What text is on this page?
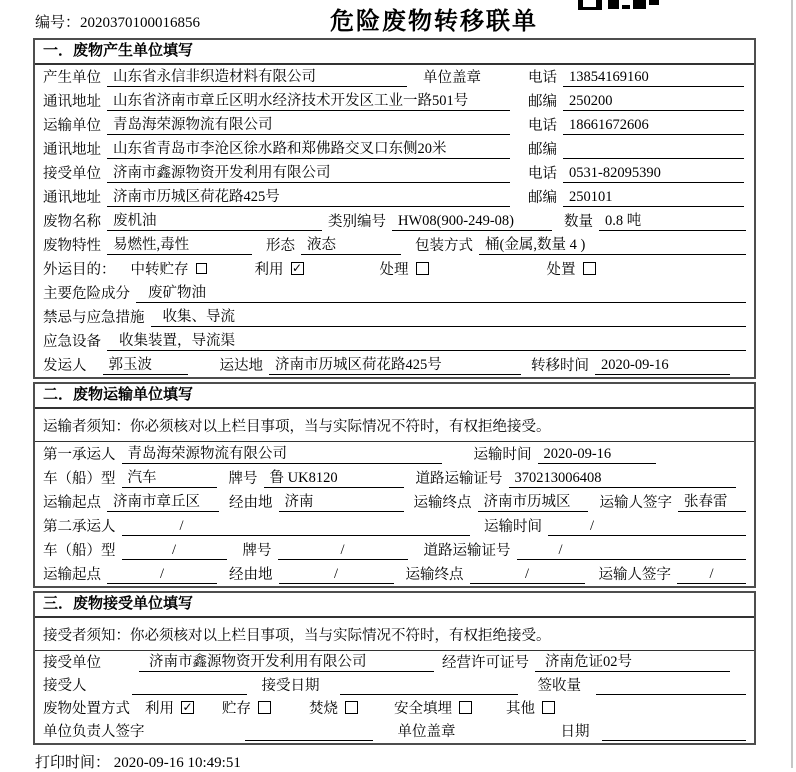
编号：2020370100016856	危险废物转移联单
一．废物产生单位填写
产生单位 山东省永信非织造材料有限公司	单位盖章	电话 13854169160
通讯地址 山东省济南市章丘区明水经济技术开发区工业一路501号	邮编 250200
运输单位 青岛海荣源物流有限公司	电话 18661672606
通讯地址 山东省青岛市李沧区徐水路和郑佛路交叉口东侧20米	邮编
接受单位 济南市鑫源物资开发利用有限公司	电话 0531-82095390
通讯地址 济南市历城区荷花路425号	邮编 250101
废物名称 废机油	类别编号 HW08(900-249-08)	数量 0.8 吨
废物特性 易燃性,毒性	形态 液态	包装方式 桶(金属,数量 4 )
外运目的： 中转贮存	利用 ✓	处理	处置
主要危险成分	废矿物油
禁忌与应急措施	收集、导流
应急设备	收集装置，导流渠
发运人	郭玉波	运达地 济南市历城区荷花路425号	转移时间 2020-09-16
二．废物运输单位填写
运输者须知： 你必须核对以上栏目事项，当与实际情况不符时，有权拒绝接受。
第一承运人 青岛海荣源物流有限公司	运输时间 2020-09-16
车（船）型 汽车	牌号 鲁 UK8120	道路运输证号 370213006408
运输起点 济南市章丘区	经由地 济南	运输终点 济南市历城区	运输人签字 张春雷
第二承运人	/	运输时间	/
车（船）型	/	牌号	/	道路运输证号	/
运输起点	/	经由地	/	运输终点	/	运输人签字	/
三．废物接受单位填写
接受者须知： 你必须核对以上栏目事项，当与实际情况不符时，有权拒绝接受。
接受单位	济南市鑫源物资开发利用有限公司	经营许可证号	济南危证02号
接受人	接受日期	签收量
废物处置方式 利用 ✓ 贮存	焚烧	安全填埋	其他
单位负责人签字	单位盖章	日期
打印时间： 2020-09-16 10:49:51
